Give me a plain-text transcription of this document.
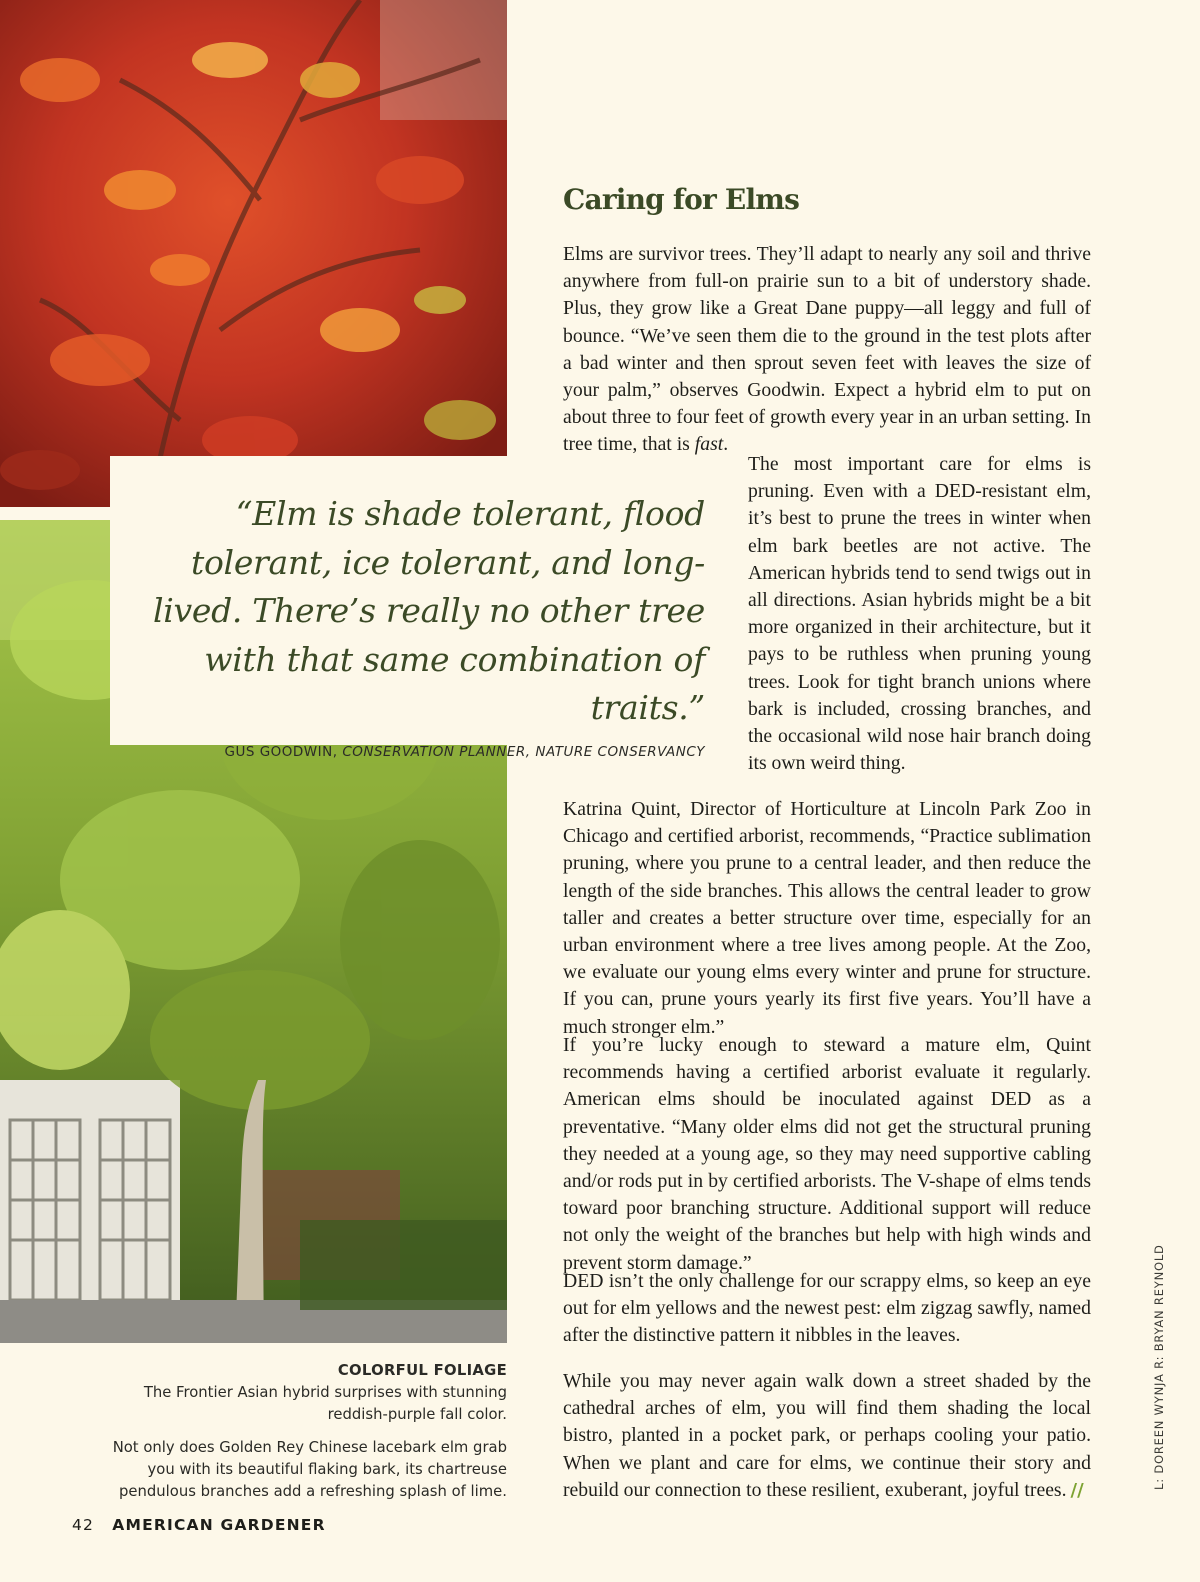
“Elm is shade tolerant, flood tolerant, ice tolerant, and long-lived. There’s really no other tree with that same combination of traits.”

GUS GOODWIN, CONSERVATION PLANNER, NATURE CONSERVANCY

Caring for Elms

Elms are survivor trees. They’ll adapt to nearly any soil and thrive anywhere from full-on prairie sun to a bit of understory shade. Plus, they grow like a Great Dane puppy—all leggy and full of bounce. “We’ve seen them die to the ground in the test plots after a bad winter and then sprout seven feet with leaves the size of your palm,” observes Goodwin. Expect a hybrid elm to put on about three to four feet of growth every year in an urban setting. In tree time, that is fast.

The most important care for elms is pruning. Even with a DED-resistant elm, it’s best to prune the trees in winter when elm bark beetles are not active. The American hybrids tend to send twigs out in all directions. Asian hybrids might be a bit more organized in their architecture, but it pays to be ruthless when pruning young trees. Look for tight branch unions where bark is included, crossing branches, and the occasional wild nose hair branch doing its own weird thing.

Katrina Quint, Director of Horticulture at Lincoln Park Zoo in Chicago and certified arborist, recommends, “Practice sublimation pruning, where you prune to a central leader, and then reduce the length of the side branches. This allows the central leader to grow taller and creates a better structure over time, especially for an urban environment where a tree lives among people. At the Zoo, we evaluate our young elms every winter and prune for structure. If you can, prune yours yearly its first five years. You’ll have a much stronger elm.”

If you’re lucky enough to steward a mature elm, Quint recommends having a certified arborist evaluate it regularly. American elms should be inoculated against DED as a preventative. “Many older elms did not get the structural pruning they needed at a young age, so they may need supportive cabling and/or rods put in by certified arborists. The V-shape of elms tends toward poor branching structure. Additional support will reduce not only the weight of the branches but help with high winds and prevent storm damage.”

DED isn’t the only challenge for our scrappy elms, so keep an eye out for elm yellows and the newest pest: elm zigzag sawfly, named after the distinctive pattern it nibbles in the leaves.

While you may never again walk down a street shaded by the cathedral arches of elm, you will find them shading the local bistro, planted in a pocket park, or perhaps cooling your patio. When we plant and care for elms, we continue their story and rebuild our connection to these resilient, exuberant, joyful trees. //

COLORFUL FOLIAGE

The Frontier Asian hybrid surprises with stunning reddish-purple fall color.

Not only does Golden Rey Chinese lacebark elm grab you with its beautiful flaking bark, its chartreuse pendulous branches add a refreshing splash of lime.

42 AMERICAN GARDENER
L: DOREEN WYNJA R: BRYAN REYNOLD
